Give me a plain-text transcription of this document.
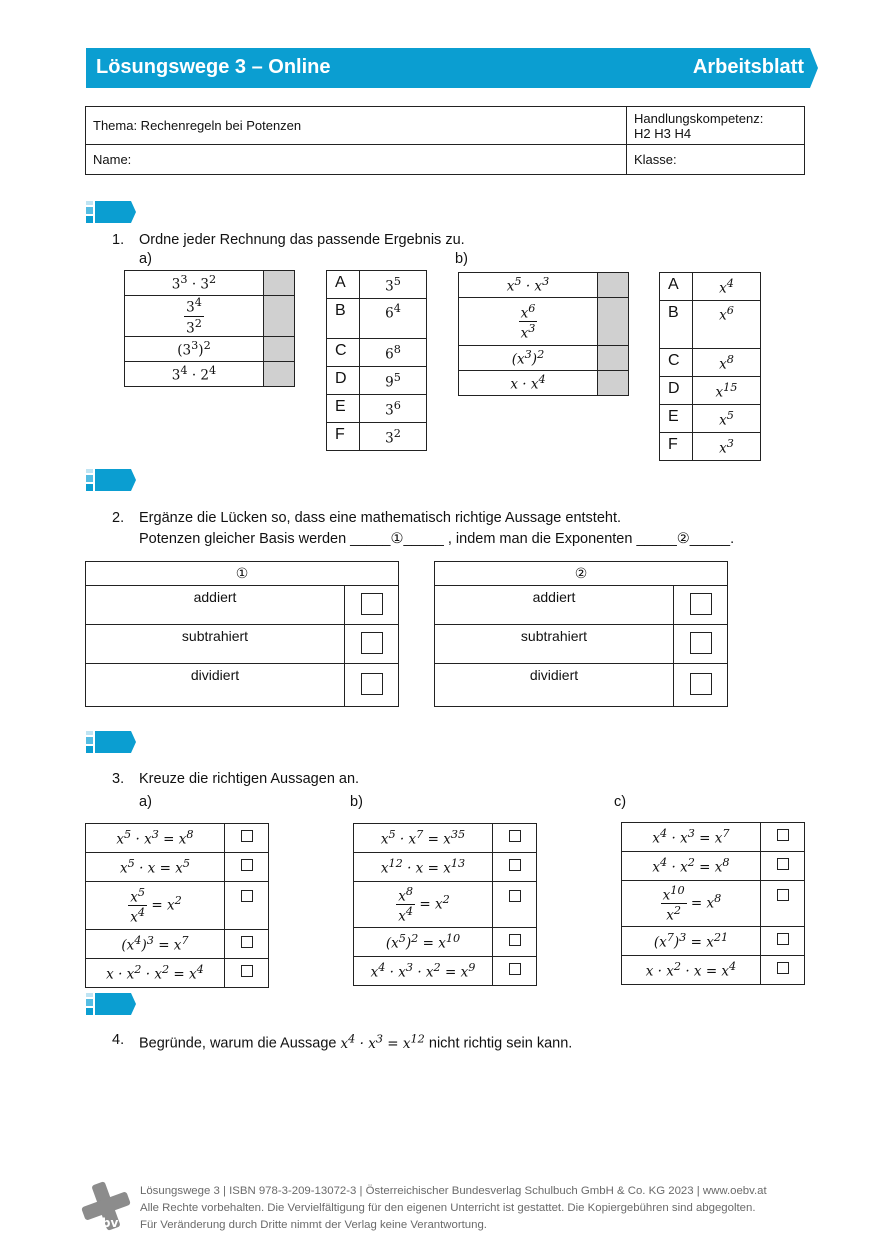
Lösungswege 3 – Online	Arbeitsblatt
Thema: Rechenregeln bei Potenzen	Handlungskompetenz:
H2 H3 H4

Name:	Klasse:
1. Ordne jeder Rechnung das passende Ergebnis zu.
a)	b)
$3^3 \cdot 3^2$	

$\frac{3^4}{3^2}$

$(3^3)^2$	
$3^4 \cdot 2^4$	
A	$3^5$
B	$6^4$
C	$6^8$
D	$9^5$
E	$3^6$
F	$3^2$
$x^5 \cdot x^3$	

$\frac{x^6}{x^3}$

$(x^3)^2$	
$x \cdot x^4$	
A	$x^4$
B	$x^6$
C	$x^8$
D	$x^{15}$
E	$x^5$
F	$x^3$
2. Ergänze die Lücken so, dass eine mathematisch richtige Aussage entsteht.
Potenzen gleicher Basis werden _____①_____ , indem man die Exponenten _____②_____.
①	
addiert	
subtrahiert	
dividiert	
②	
addiert	
subtrahiert	
dividiert	
3. Kreuze die richtigen Aussagen an.
a)	b)	c)
$x^5 \cdot x^3 = x^8$	
$x^5 \cdot x = x^5$	

$\frac{x^5}{x^4} = x^2$	
$(x^4)^3 = x^7$	
$x \cdot x^2 \cdot x^2 = x^4$	
$x^5 \cdot x^7 = x^{35}$	
$x^{12} \cdot x = x^{13}$	

$\frac{x^8}{x^4} = x^2$	
$(x^5)^2 = x^{10}$	
$x^4 \cdot x^3 \cdot x^2 = x^9$	
$x^4 \cdot x^3 = x^7$	
$x^4 \cdot x^2 = x^8$	

$\frac{x^{10}}{x^2} = x^8$	
$(x^7)^3 = x^{21}$	
$x \cdot x^2 \cdot x = x^4$	
4. Begründe, warum die Aussage $x^4 \cdot x^3 = x^{12}$ nicht richtig sein kann.
öbv
Lösungswege 3 | ISBN 978-3-209-13072-3 | Österreichischer Bundesverlag Schulbuch GmbH & Co. KG 2023 | www.oebv.at
Alle Rechte vorbehalten. Die Vervielfältigung für den eigenen Unterricht ist gestattet. Die Kopiergebühren sind abgegolten.
Für Veränderung durch Dritte nimmt der Verlag keine Verantwortung.
